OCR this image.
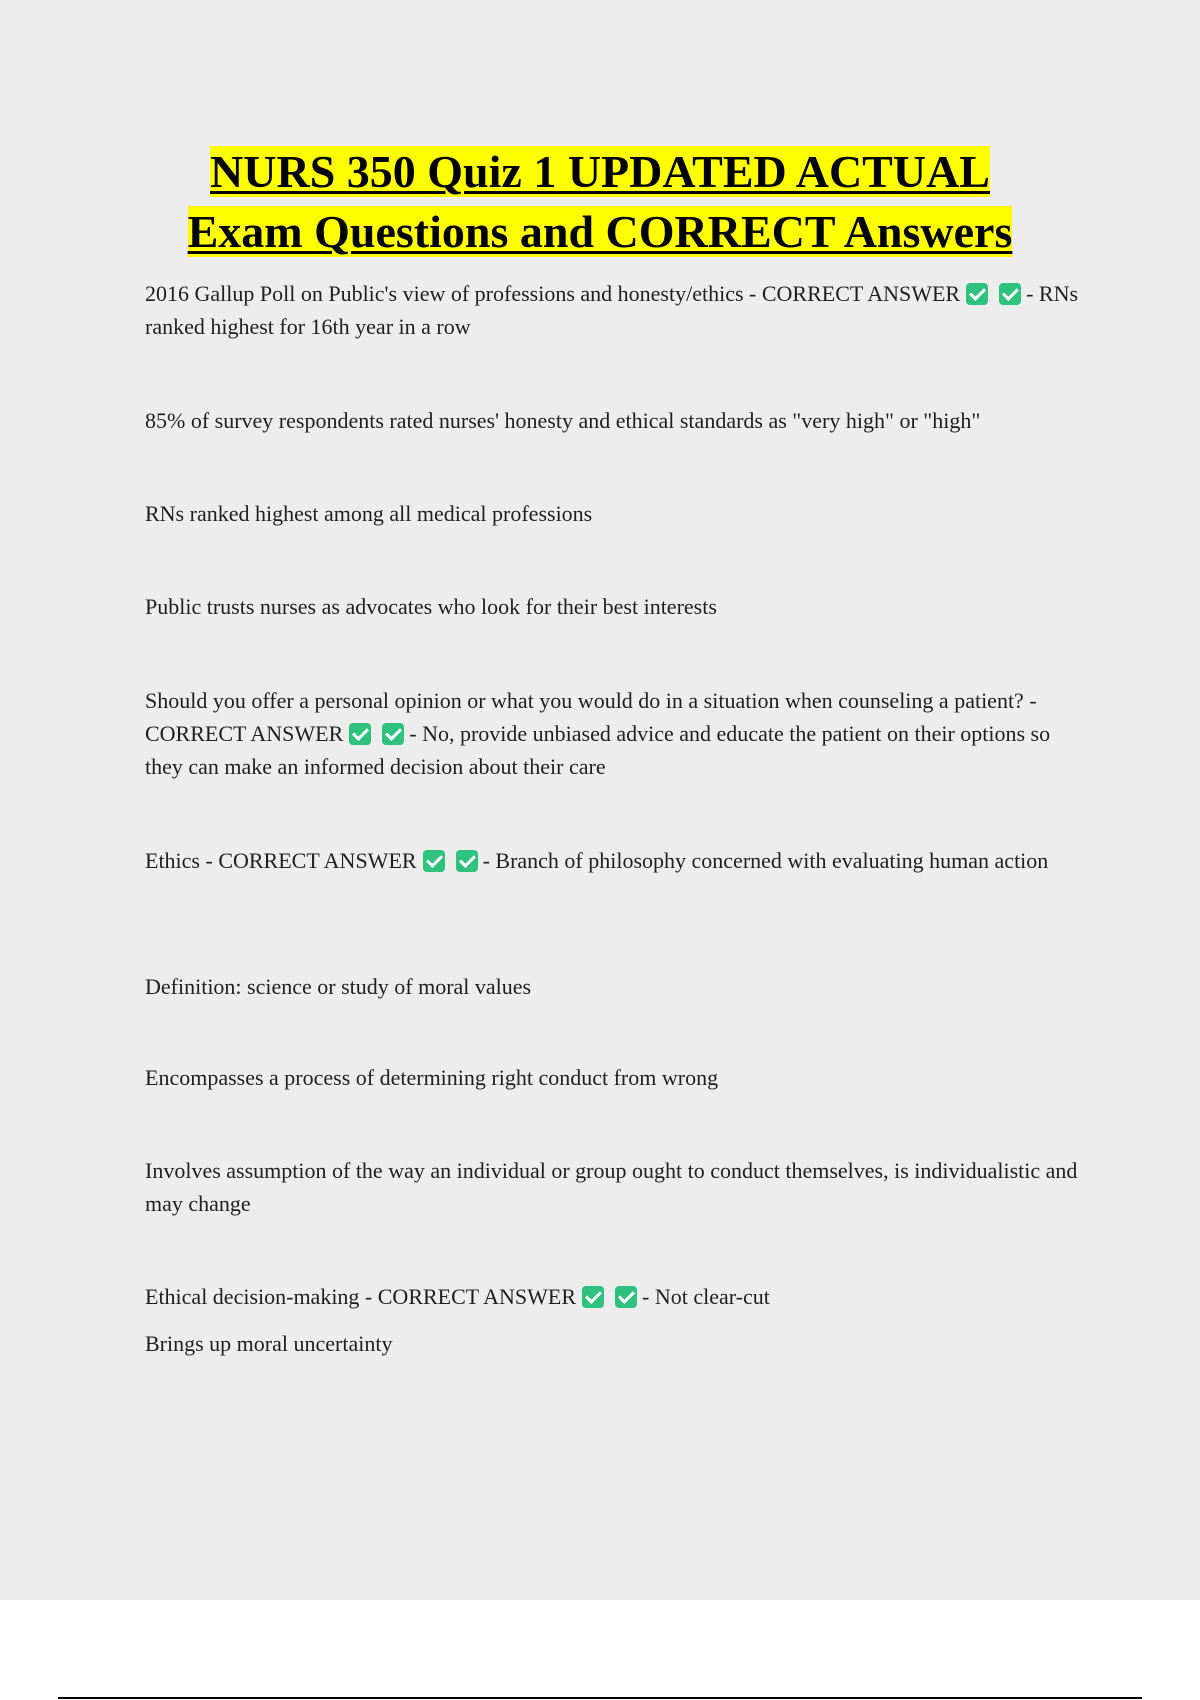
NURS 350 Quiz 1 UPDATED ACTUAL
Exam Questions and CORRECT Answers

2016 Gallup Poll on Public's view of professions and honesty/ethics - CORRECT ANSWER	- RNs ranked highest for 16th year in a row

85% of survey respondents rated nurses' honesty and ethical standards as "very high" or "high"

RNs ranked highest among all medical professions

Public trusts nurses as advocates who look for their best interests

Should you offer a personal opinion or what you would do in a situation when counseling a patient? - CORRECT ANSWER	- No, provide unbiased advice and educate the patient on their options so they can make an informed decision about their care

Ethics - CORRECT ANSWER	- Branch of philosophy concerned with evaluating human action

Definition: science or study of moral values

Encompasses a process of determining right conduct from wrong

Involves assumption of the way an individual or group ought to conduct themselves, is individualistic and may change

Ethical decision-making - CORRECT ANSWER	- Not clear-cut

Brings up moral uncertainty
